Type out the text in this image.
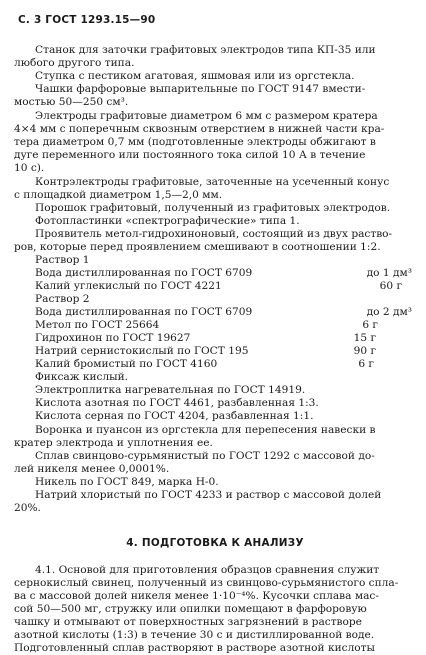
С. 3 ГОСТ 1293.15—90
Станок для заточки графитовых электродов типа КП-35 или
любого другого типа.
Ступка с пестиком агатовая, яшмовая или из оргстекла.
Чашки фарфоровые выпарительные по ГОСТ 9147 вмести-
мостью 50—250 см³.
Электроды графитовые диаметром 6 мм с размером кратера
4×4 мм с поперечным сквозным отверстием в нижней части кра-
тера диаметром 0,7 мм (подготовленные электроды обжигают в
дуге переменного или постоянного тока силой 10 А в течение
10 с).
Контрэлектроды графитовые, заточенные на усеченный конус
с площадкой диаметром 1,5—2,0 мм.
Порошок графитовый, полученный из графитовых электродов.
Фотопластинки «спектрографические» типа 1.
Проявитель метол-гидрохиноновый, состоящий из двух раство-
ров, которые перед проявлением смешивают в соотношении 1:2.
Раствор 1
Вода дистиллированная по ГОСТ 6709	до 1 дм³
Калий углекислый по ГОСТ 4221	60 г
Раствор 2
Вода дистиллированная по ГОСТ 6709	до 2 дм³
Метол по ГОСТ 25664	6 г
Гидрохинон по ГОСТ 19627	15 г
Натрий сернистокислый по ГОСТ 195	90 г
Калий бромистый по ГОСТ 4160	6 г
Фиксаж кислый.
Электроплитка нагревательная по ГОСТ 14919.
Кислота азотная по ГОСТ 4461, разбавленная 1:3.
Кислота серная по ГОСТ 4204, разбавленная 1:1.
Воронка и пуансон из оргстекла для перепесения навески в
кратер электрода и уплотнения ее.
Сплав свинцово-сурьмянистый по ГОСТ 1292 с массовой до-
лей никеля менее 0,0001%.
Никель по ГОСТ 849, марка Н-0.
Натрий хлористый по ГОСТ 4233 и раствор с массовой долей
20%.
4. ПОДГОТОВКА К АНАЛИЗУ
4.1. Основой для приготовления образцов сравнения служит
сернокислый свинец, полученный из свинцово-сурьмянистого спла-
ва с массовой долей никеля менее 1·10⁻⁴%. Кусочки сплава мас-
сой 50—500 мг, стружку или опилки помещают в фарфоровую
чашку и отмывают от поверхностных загрязнений в растворе
азотной кислоты (1:3) в течение 30 с и дистиллированной воде.
Подготовленный сплав растворяют в растворе азотной кислоты
